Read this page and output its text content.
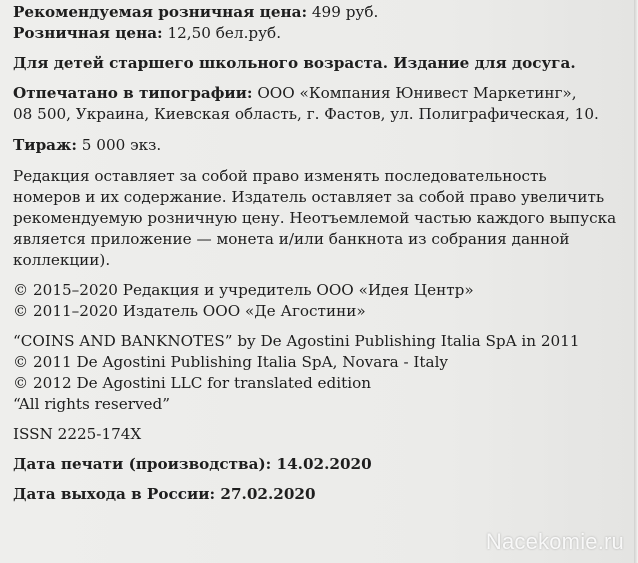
Рекомендуемая розничная цена: 499 руб.
Розничная цена: 12,50 бел.руб.
Для детей старшего школьного возраста. Издание для досуга.
Отпечатано в типографии: ООО «Компания Юнивест Маркетинг»,
08 500, Украина, Киевская область, г. Фастов, ул. Полиграфическая, 10.
Тираж: 5 000 экз.
Редакция оставляет за собой право изменять последовательность
номеров и их содержание. Издатель оставляет за собой право увеличить
рекомендуемую розничную цену. Неотъемлемой частью каждого выпуска
является приложение — монета и/или банкнота из собрания данной
коллекции).
© 2015–2020 Редакция и учредитель ООО «Идея Центр»
© 2011–2020 Издатель ООО «Де Агостини»
“COINS AND BANKNOTES” by De Agostini Publishing Italia SpA in 2011
© 2011 De Agostini Publishing Italia SpA, Novara - Italy
© 2012 De Agostini LLC for translated edition
“All rights reserved”
ISSN 2225-174X
Дата печати (производства): 14.02.2020
Дата выхода в России: 27.02.2020
Nacekomie.ru
